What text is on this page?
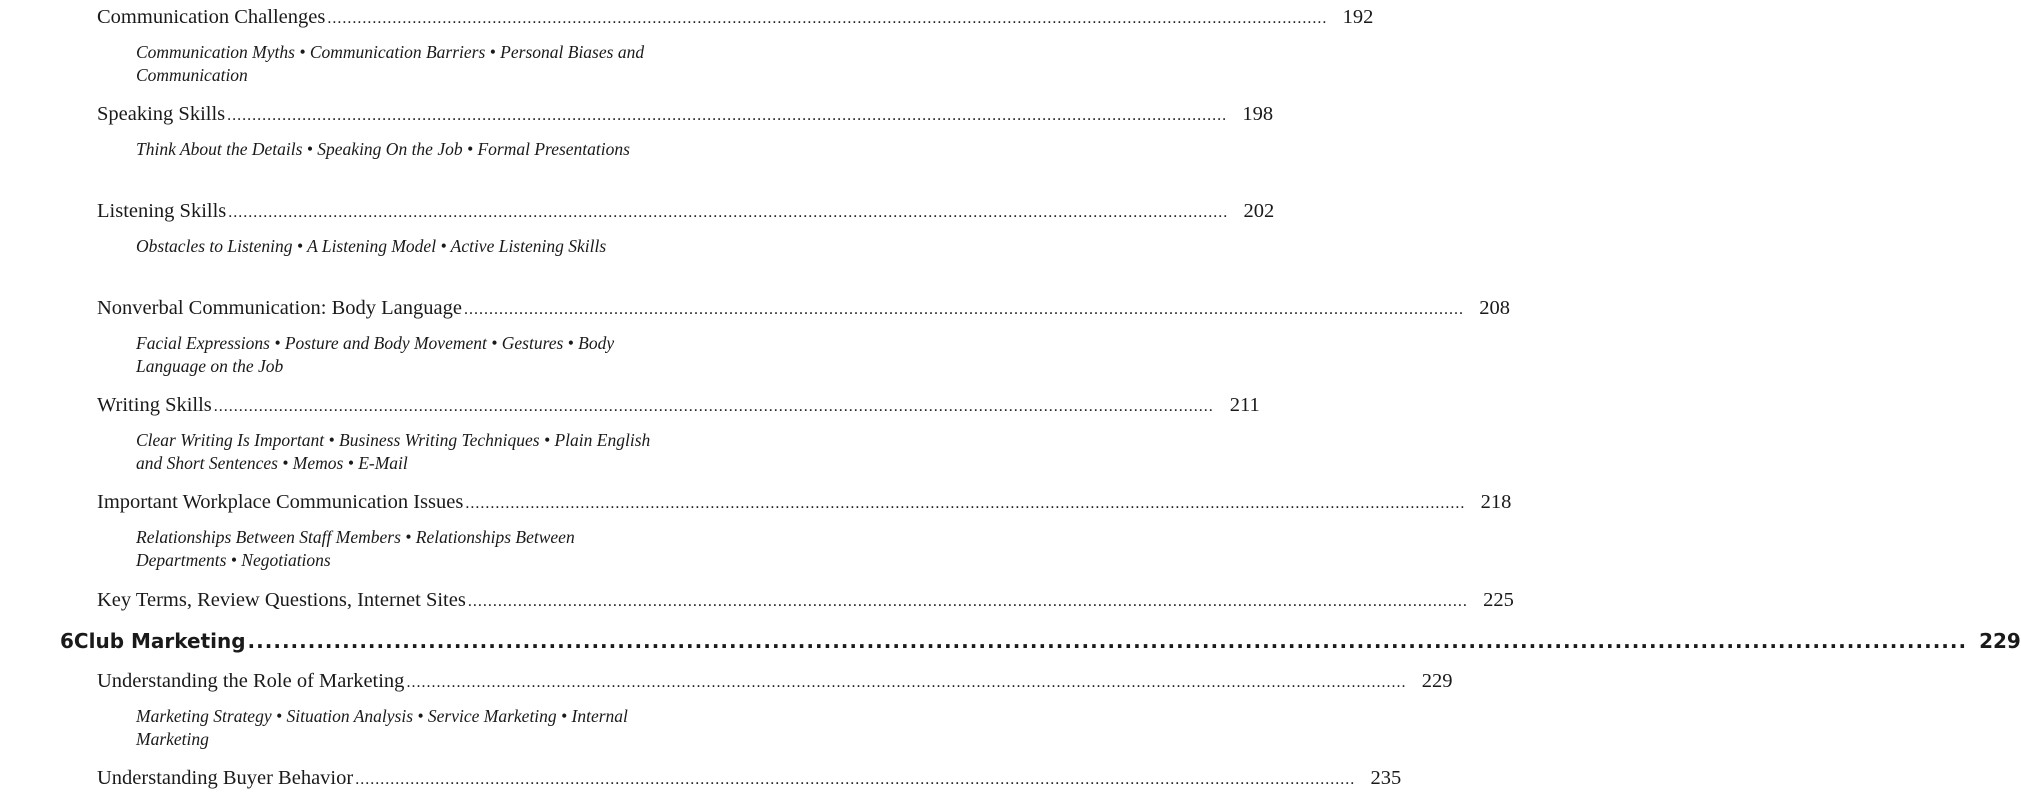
Communication Challenges ........................................................................................................................................................................................................ 192
Communication Myths • Communication Barriers • Personal Biases and Communication
Speaking Skills ........................................................................................................................................................................................................ 198
Think About the Details • Speaking On the Job • Formal Presentations
Listening Skills ........................................................................................................................................................................................................ 202
Obstacles to Listening • A Listening Model • Active Listening Skills
Nonverbal Communication: Body Language ........................................................................................................................................................................................................ 208
Facial Expressions • Posture and Body Movement • Gestures • Body Language on the Job
Writing Skills ........................................................................................................................................................................................................ 211
Clear Writing Is Important • Business Writing Techniques • Plain English and Short Sentences • Memos • E-Mail
Important Workplace Communication Issues ........................................................................................................................................................................................................ 218
Relationships Between Staff Members • Relationships Between Departments • Negotiations
Key Terms, Review Questions, Internet Sites ........................................................................................................................................................................................................ 225
6 Club Marketing ........................................................................................................................................................................................................ 229
Understanding the Role of Marketing ........................................................................................................................................................................................................ 229
Marketing Strategy • Situation Analysis • Service Marketing • Internal Marketing
Understanding Buyer Behavior ........................................................................................................................................................................................................ 235
